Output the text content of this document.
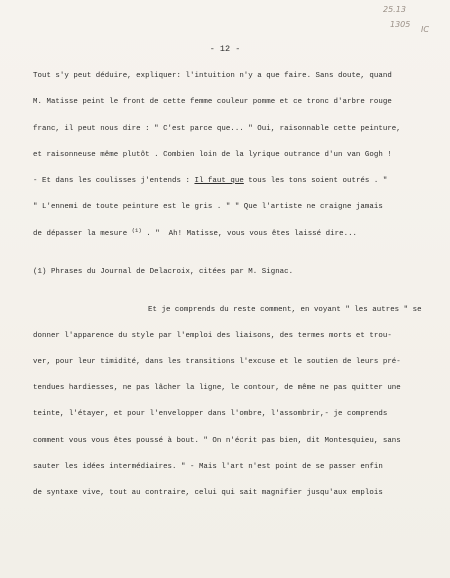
25.13
1305
IC
- 12 -
Tout s'y peut déduire, expliquer: l'intuition n'y a que faire. Sans doute, quand
M. Matisse peint le front de cette femme couleur pomme et ce tronc d'arbre rouge
franc, il peut nous dire : " C'est parce que... " Oui, raisonnable cette peinture,
et raisonneuse même plutôt . Combien loin de la lyrique outrance d'un van Gogh !
- Et dans les coulisses j'entends : Il faut que tous les tons soient outrés . "
" L'ennemi de toute peinture est le gris . " " Que l'artiste ne craigne jamais
de dépasser la mesure $^{(1)}$ . "  Ah! Matisse, vous vous êtes laissé dire...
(1) Phrases du Journal de Delacroix, citées par M. Signac.
Et je comprends du reste comment, en voyant " les autres " se
donner l'apparence du style par l'emploi des liaisons, des termes morts et trou-
ver, pour leur timidité, dans les transitions l'excuse et le soutien de leurs pré-
tendues hardiesses, ne pas lâcher la ligne, le contour, de même ne pas quitter une
teinte, l'étayer, et pour l'envelopper dans l'ombre, l'assombrir,- je comprends
comment vous vous êtes poussé à bout. " On n'écrit pas bien, dit Montesquieu, sans
sauter les idées intermédiaires. " - Mais l'art n'est point de se passer enfin
de syntaxe vive, tout au contraire, celui qui sait magnifier jusqu'aux emplois
